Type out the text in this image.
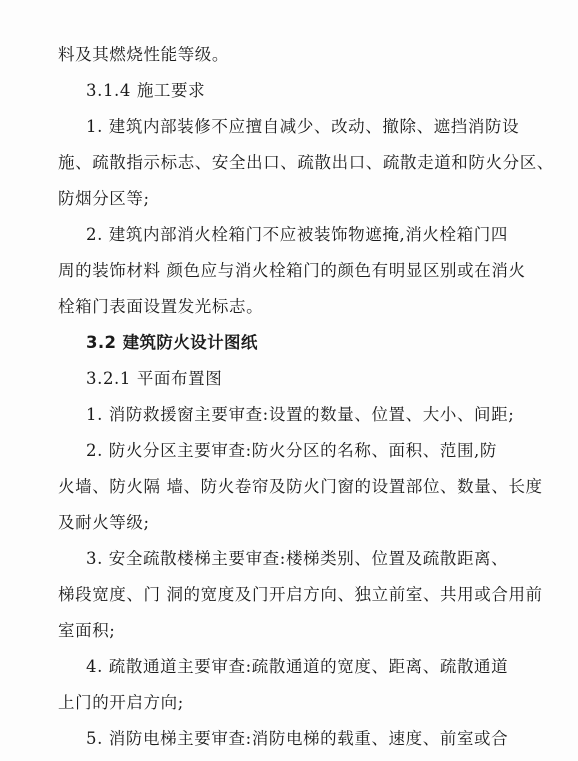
料及其燃烧性能等级。
3.1.4 施工要求
1. 建筑内部装修不应擅自减少、改动、撤除、遮挡消防设
施、疏散指示标志、安全出口、疏散出口、疏散走道和防火分区、
防烟分区等;
2. 建筑内部消火栓箱门不应被装饰物遮掩,消火栓箱门四
周的装饰材料 颜色应与消火栓箱门的颜色有明显区别或在消火
栓箱门表面设置发光标志。
3.2 建筑防火设计图纸
3.2.1 平面布置图
1. 消防救援窗主要审查:设置的数量、位置、大小、间距;
2. 防火分区主要审查:防火分区的名称、面积、范围,防
火墙、防火隔 墙、防火卷帘及防火门窗的设置部位、数量、长度
及耐火等级;
3. 安全疏散楼梯主要审查:楼梯类别、位置及疏散距离、
梯段宽度、门 洞的宽度及门开启方向、独立前室、共用或合用前
室面积;
4. 疏散通道主要审查:疏散通道的宽度、距离、疏散通道
上门的开启方向;
5. 消防电梯主要审查:消防电梯的载重、速度、前室或合
